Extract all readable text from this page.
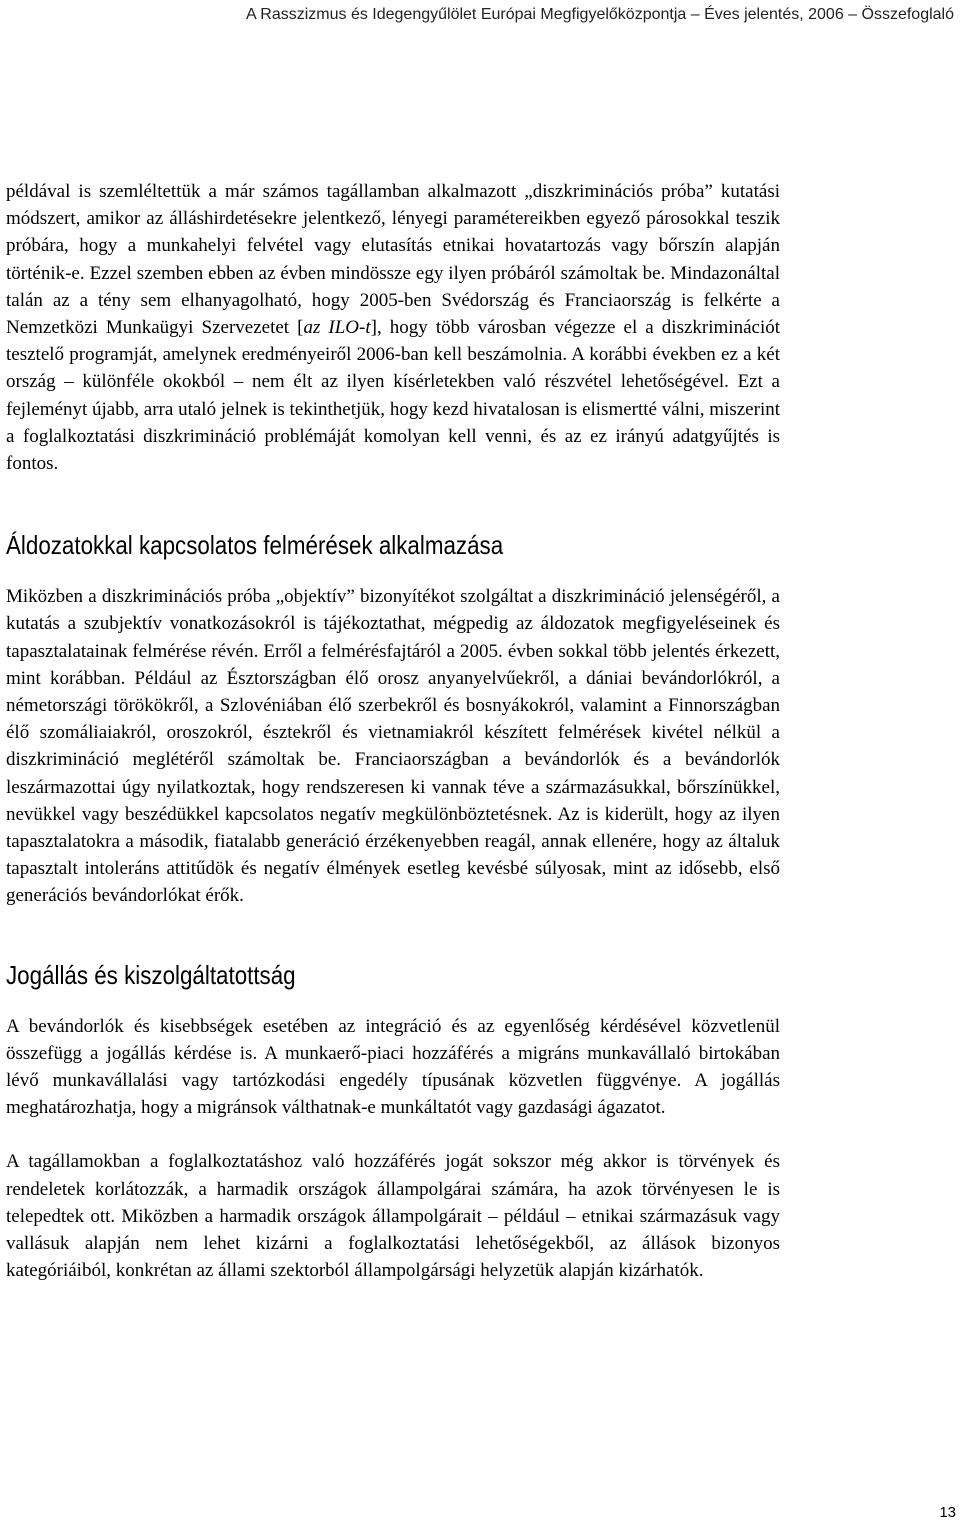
A Rasszizmus és Idegengyűlölet Európai Megfigyelőközpontja – Éves jelentés, 2006 – Összefoglaló

példával is szemléltettük a már számos tagállamban alkalmazott „diszkriminációs próba” kutatási módszert, amikor az álláshirdetésekre jelentkező, lényegi paramétereikben egyező párosokkal teszik próbára, hogy a munkahelyi felvétel vagy elutasítás etnikai hovatartozás vagy bőrszín alapján történik-e. Ezzel szemben ebben az évben mindössze egy ilyen próbáról számoltak be. Mindazonáltal talán az a tény sem elhanyagolható, hogy 2005-ben Svédország és Franciaország is felkérte a Nemzetközi Munkaügyi Szervezetet [az ILO-t], hogy több városban végezze el a diszkriminációt tesztelő programját, amelynek eredményeiről 2006-ban kell beszámolnia. A korábbi években ez a két ország – különféle okokból – nem élt az ilyen kísérletekben való részvétel lehetőségével. Ezt a fejleményt újabb, arra utaló jelnek is tekinthetjük, hogy kezd hivatalosan is elismertté válni, miszerint a foglalkoztatási diszkrimináció problémáját komolyan kell venni, és az ez irányú adatgyűjtés is fontos.

Áldozatokkal kapcsolatos felmérések alkalmazása

Miközben a diszkriminációs próba „objektív” bizonyítékot szolgáltat a diszkrimináció jelenségéről, a kutatás a szubjektív vonatkozásokról is tájékoztathat, mégpedig az áldozatok megfigyeléseinek és tapasztalatainak felmérése révén. Erről a felmérésfajtáról a 2005. évben sokkal több jelentés érkezett, mint korábban. Például az Észtországban élő orosz anyanyelvűekről, a dániai bevándorlókról, a németországi törökökről, a Szlovéniában élő szerbekről és bosnyákokról, valamint a Finnországban élő szomáliaiakról, oroszokról, észtekről és vietnamiakról készített felmérések kivétel nélkül a diszkrimináció meglétéről számoltak be. Franciaországban a bevándorlók és a bevándorlók leszármazottai úgy nyilatkoztak, hogy rendszeresen ki vannak téve a származásukkal, bőrszínükkel, nevükkel vagy beszédükkel kapcsolatos negatív megkülönböztetésnek. Az is kiderült, hogy az ilyen tapasztalatokra a második, fiatalabb generáció érzékenyebben reagál, annak ellenére, hogy az általuk tapasztalt intoleráns attitűdök és negatív élmények esetleg kevésbé súlyosak, mint az idősebb, első generációs bevándorlókat érők.

Jogállás és kiszolgáltatottság

A bevándorlók és kisebbségek esetében az integráció és az egyenlőség kérdésével közvetlenül összefügg a jogállás kérdése is. A munkaerő-piaci hozzáférés a migráns munkavállaló birtokában lévő munkavállalási vagy tartózkodási engedély típusának közvetlen függvénye. A jogállás meghatározhatja, hogy a migránsok válthatnak-e munkáltatót vagy gazdasági ágazatot.

A tagállamokban a foglalkoztatáshoz való hozzáférés jogát sokszor még akkor is törvények és rendeletek korlátozzák, a harmadik országok állampolgárai számára, ha azok törvényesen le is telepedtek ott. Miközben a harmadik országok állampolgárait – például – etnikai származásuk vagy vallásuk alapján nem lehet kizárni a foglalkoztatási lehetőségekből, az állások bizonyos kategóriáiból, konkrétan az állami szektorból állampolgársági helyzetük alapján kizárhatók.

13
